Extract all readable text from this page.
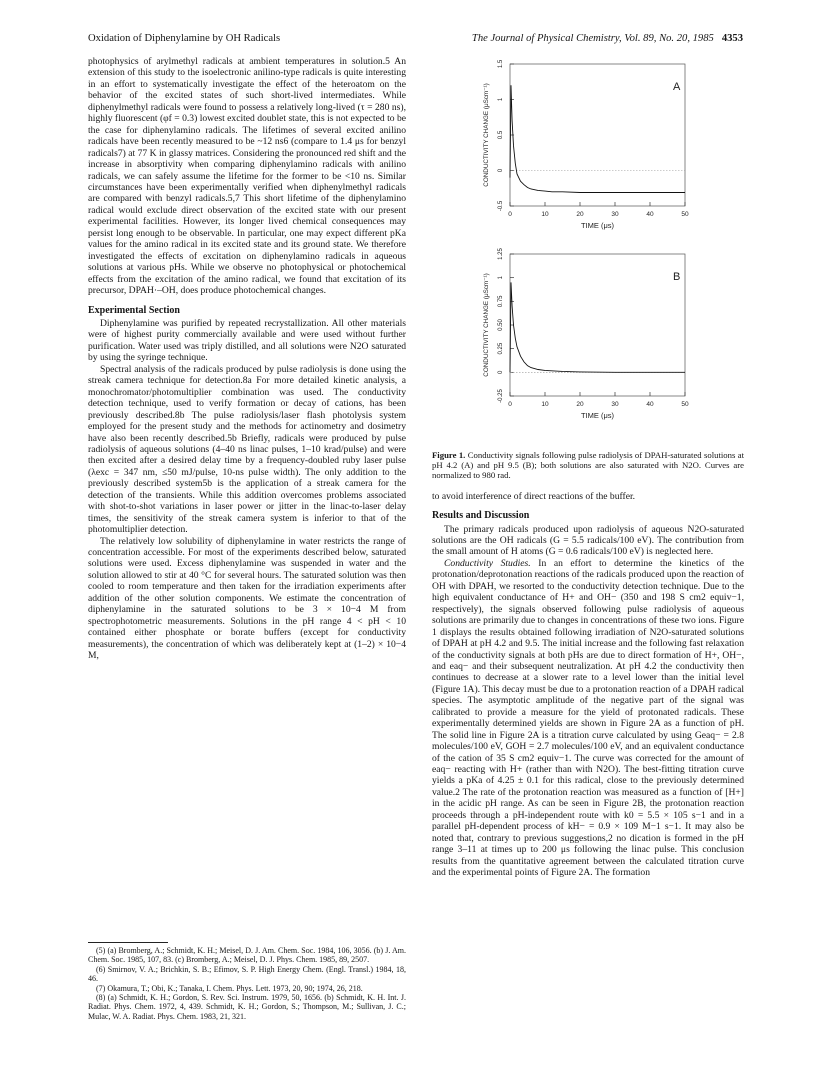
Oxidation of Diphenylamine by OH Radicals	The Journal of Physical Chemistry, Vol. 89, No. 20, 1985 4353

photophysics of arylmethyl radicals at ambient temperatures in solution.5 An extension of this study to the isoelectronic anilino-type radicals is quite interesting in an effort to systematically investigate the effect of the heteroatom on the behavior of the excited states of such short-lived intermediates. While diphenylmethyl radicals were found to possess a relatively long-lived (τ = 280 ns), highly fluorescent (φf = 0.3) lowest excited doublet state, this is not expected to be the case for diphenylamino radicals. The lifetimes of several excited anilino radicals have been recently measured to be ~12 ns6 (compare to 1.4 μs for benzyl radicals7) at 77 K in glassy matrices. Considering the pronounced red shift and the increase in absorptivity when comparing diphenylamino radicals with anilino radicals, we can safely assume the lifetime for the former to be <10 ns. Similar circumstances have been experimentally verified when diphenylmethyl radicals are compared with benzyl radicals.5,7 This short lifetime of the diphenylamino radical would exclude direct observation of the excited state with our present experimental facilities. However, its longer lived chemical consequences may persist long enough to be observable. In particular, one may expect different pKa values for the amino radical in its excited state and its ground state. We therefore investigated the effects of excitation on diphenylamino radicals in aqueous solutions at various pHs. While we observe no photophysical or photochemical effects from the excitation of the amino radical, we found that excitation of its precursor, DPAH·–OH, does produce photochemical changes.

Experimental Section

Diphenylamine was purified by repeated recrystallization. All other materials were of highest purity commercially available and were used without further purification. Water used was triply distilled, and all solutions were N2O saturated by using the syringe technique.

Spectral analysis of the radicals produced by pulse radiolysis is done using the streak camera technique for detection.8a For more detailed kinetic analysis, a monochromator/photomultiplier combination was used. The conductivity detection technique, used to verify formation or decay of cations, has been previously described.8b The pulse radiolysis/laser flash photolysis system employed for the present study and the methods for actinometry and dosimetry have also been recently described.5b Briefly, radicals were produced by pulse radiolysis of aqueous solutions (4–40 ns linac pulses, 1–10 krad/pulse) and were then excited after a desired delay time by a frequency-doubled ruby laser pulse (λexc = 347 nm, ≤50 mJ/pulse, 10-ns pulse width). The only addition to the previously described system5b is the application of a streak camera for the detection of the transients. While this addition overcomes problems associated with shot-to-shot variations in laser power or jitter in the linac-to-laser delay times, the sensitivity of the streak camera system is inferior to that of the photomultiplier detection.

The relatively low solubility of diphenylamine in water restricts the range of concentration accessible. For most of the experiments described below, saturated solutions were used. Excess diphenylamine was suspended in water and the solution allowed to stir at 40 °C for several hours. The saturated solution was then cooled to room temperature and then taken for the irradiation experiments after addition of the other solution components. We estimate the concentration of diphenylamine in the saturated solutions to be 3 × 10−4 M from spectrophotometric measurements. Solutions in the pH range 4 < pH < 10 contained either phosphate or borate buffers (except for conductivity measurements), the concentration of which was deliberately kept at (1–2) × 10−4 M,

(5) (a) Bromberg, A.; Schmidt, K. H.; Meisel, D. J. Am. Chem. Soc. 1984, 106, 3056. (b) J. Am. Chem. Soc. 1985, 107, 83. (c) Bromberg, A.; Meisel, D. J. Phys. Chem. 1985, 89, 2507.
(6) Smirnov, V. A.; Brichkin, S. B.; Efimov, S. P. High Energy Chem. (Engl. Transl.) 1984, 18, 46.
(7) Okamura, T.; Obi, K.; Tanaka, I. Chem. Phys. Lett. 1973, 20, 90; 1974, 26, 218.
(8) (a) Schmidt, K. H.; Gordon, S. Rev. Sci. Instrum. 1979, 50, 1656. (b) Schmidt, K. H. Int. J. Radiat. Phys. Chem. 1972, 4, 439. Schmidt, K. H.; Gordon, S.; Thompson, M.; Sullivan, J. C.; Mulac, W. A. Radiat. Phys. Chem. 1983, 21, 321.
0	10	20	30	40	50
-0.5
0
0.5
1
1.5
A
TIME (μs)
CONDUCTIVITY CHANGE (μScm⁻¹)
0	10	20	30	40	50
-0.25
0
0.25
0.50
0.75
1
1.25
B
TIME (μs)
CONDUCTIVITY CHANGE (μScm⁻¹)
Figure 1. Conductivity signals following pulse radiolysis of DPAH-saturated solutions at pH 4.2 (A) and pH 9.5 (B); both solutions are also saturated with N2O. Curves are normalized to 980 rad.

to avoid interference of direct reactions of the buffer.

Results and Discussion

The primary radicals produced upon radiolysis of aqueous N2O-saturated solutions are the OH radicals (G = 5.5 radicals/100 eV). The contribution from the small amount of H atoms (G = 0.6 radicals/100 eV) is neglected here.

Conductivity Studies. In an effort to determine the kinetics of the protonation/deprotonation reactions of the radicals produced upon the reaction of OH with DPAH, we resorted to the conductivity detection technique. Due to the high equivalent conductance of H+ and OH− (350 and 198 S cm2 equiv−1, respectively), the signals observed following pulse radiolysis of aqueous solutions are primarily due to changes in concentrations of these two ions. Figure 1 displays the results obtained following irradiation of N2O-saturated solutions of DPAH at pH 4.2 and 9.5. The initial increase and the following fast relaxation of the conductivity signals at both pHs are due to direct formation of H+, OH−, and eaq− and their subsequent neutralization. At pH 4.2 the conductivity then continues to decrease at a slower rate to a level lower than the initial level (Figure 1A). This decay must be due to a protonation reaction of a DPAH radical species. The asymptotic amplitude of the negative part of the signal was calibrated to provide a measure for the yield of protonated radicals. These experimentally determined yields are shown in Figure 2A as a function of pH. The solid line in Figure 2A is a titration curve calculated by using Geaq− = 2.8 molecules/100 eV, GOH = 2.7 molecules/100 eV, and an equivalent conductance of the cation of 35 S cm2 equiv−1. The curve was corrected for the amount of eaq− reacting with H+ (rather than with N2O). The best-fitting titration curve yields a pKa of 4.25 ± 0.1 for this radical, close to the previously determined value.2 The rate of the protonation reaction was measured as a function of [H+] in the acidic pH range. As can be seen in Figure 2B, the protonation reaction proceeds through a pH-independent route with k0 = 5.5 × 105 s−1 and in a parallel pH-dependent process of kH− = 0.9 × 109 M−1 s−1. It may also be noted that, contrary to previous suggestions,2 no dication is formed in the pH range 3–11 at times up to 200 μs following the linac pulse. This conclusion results from the quantitative agreement between the calculated titration curve and the experimental points of Figure 2A. The formation
